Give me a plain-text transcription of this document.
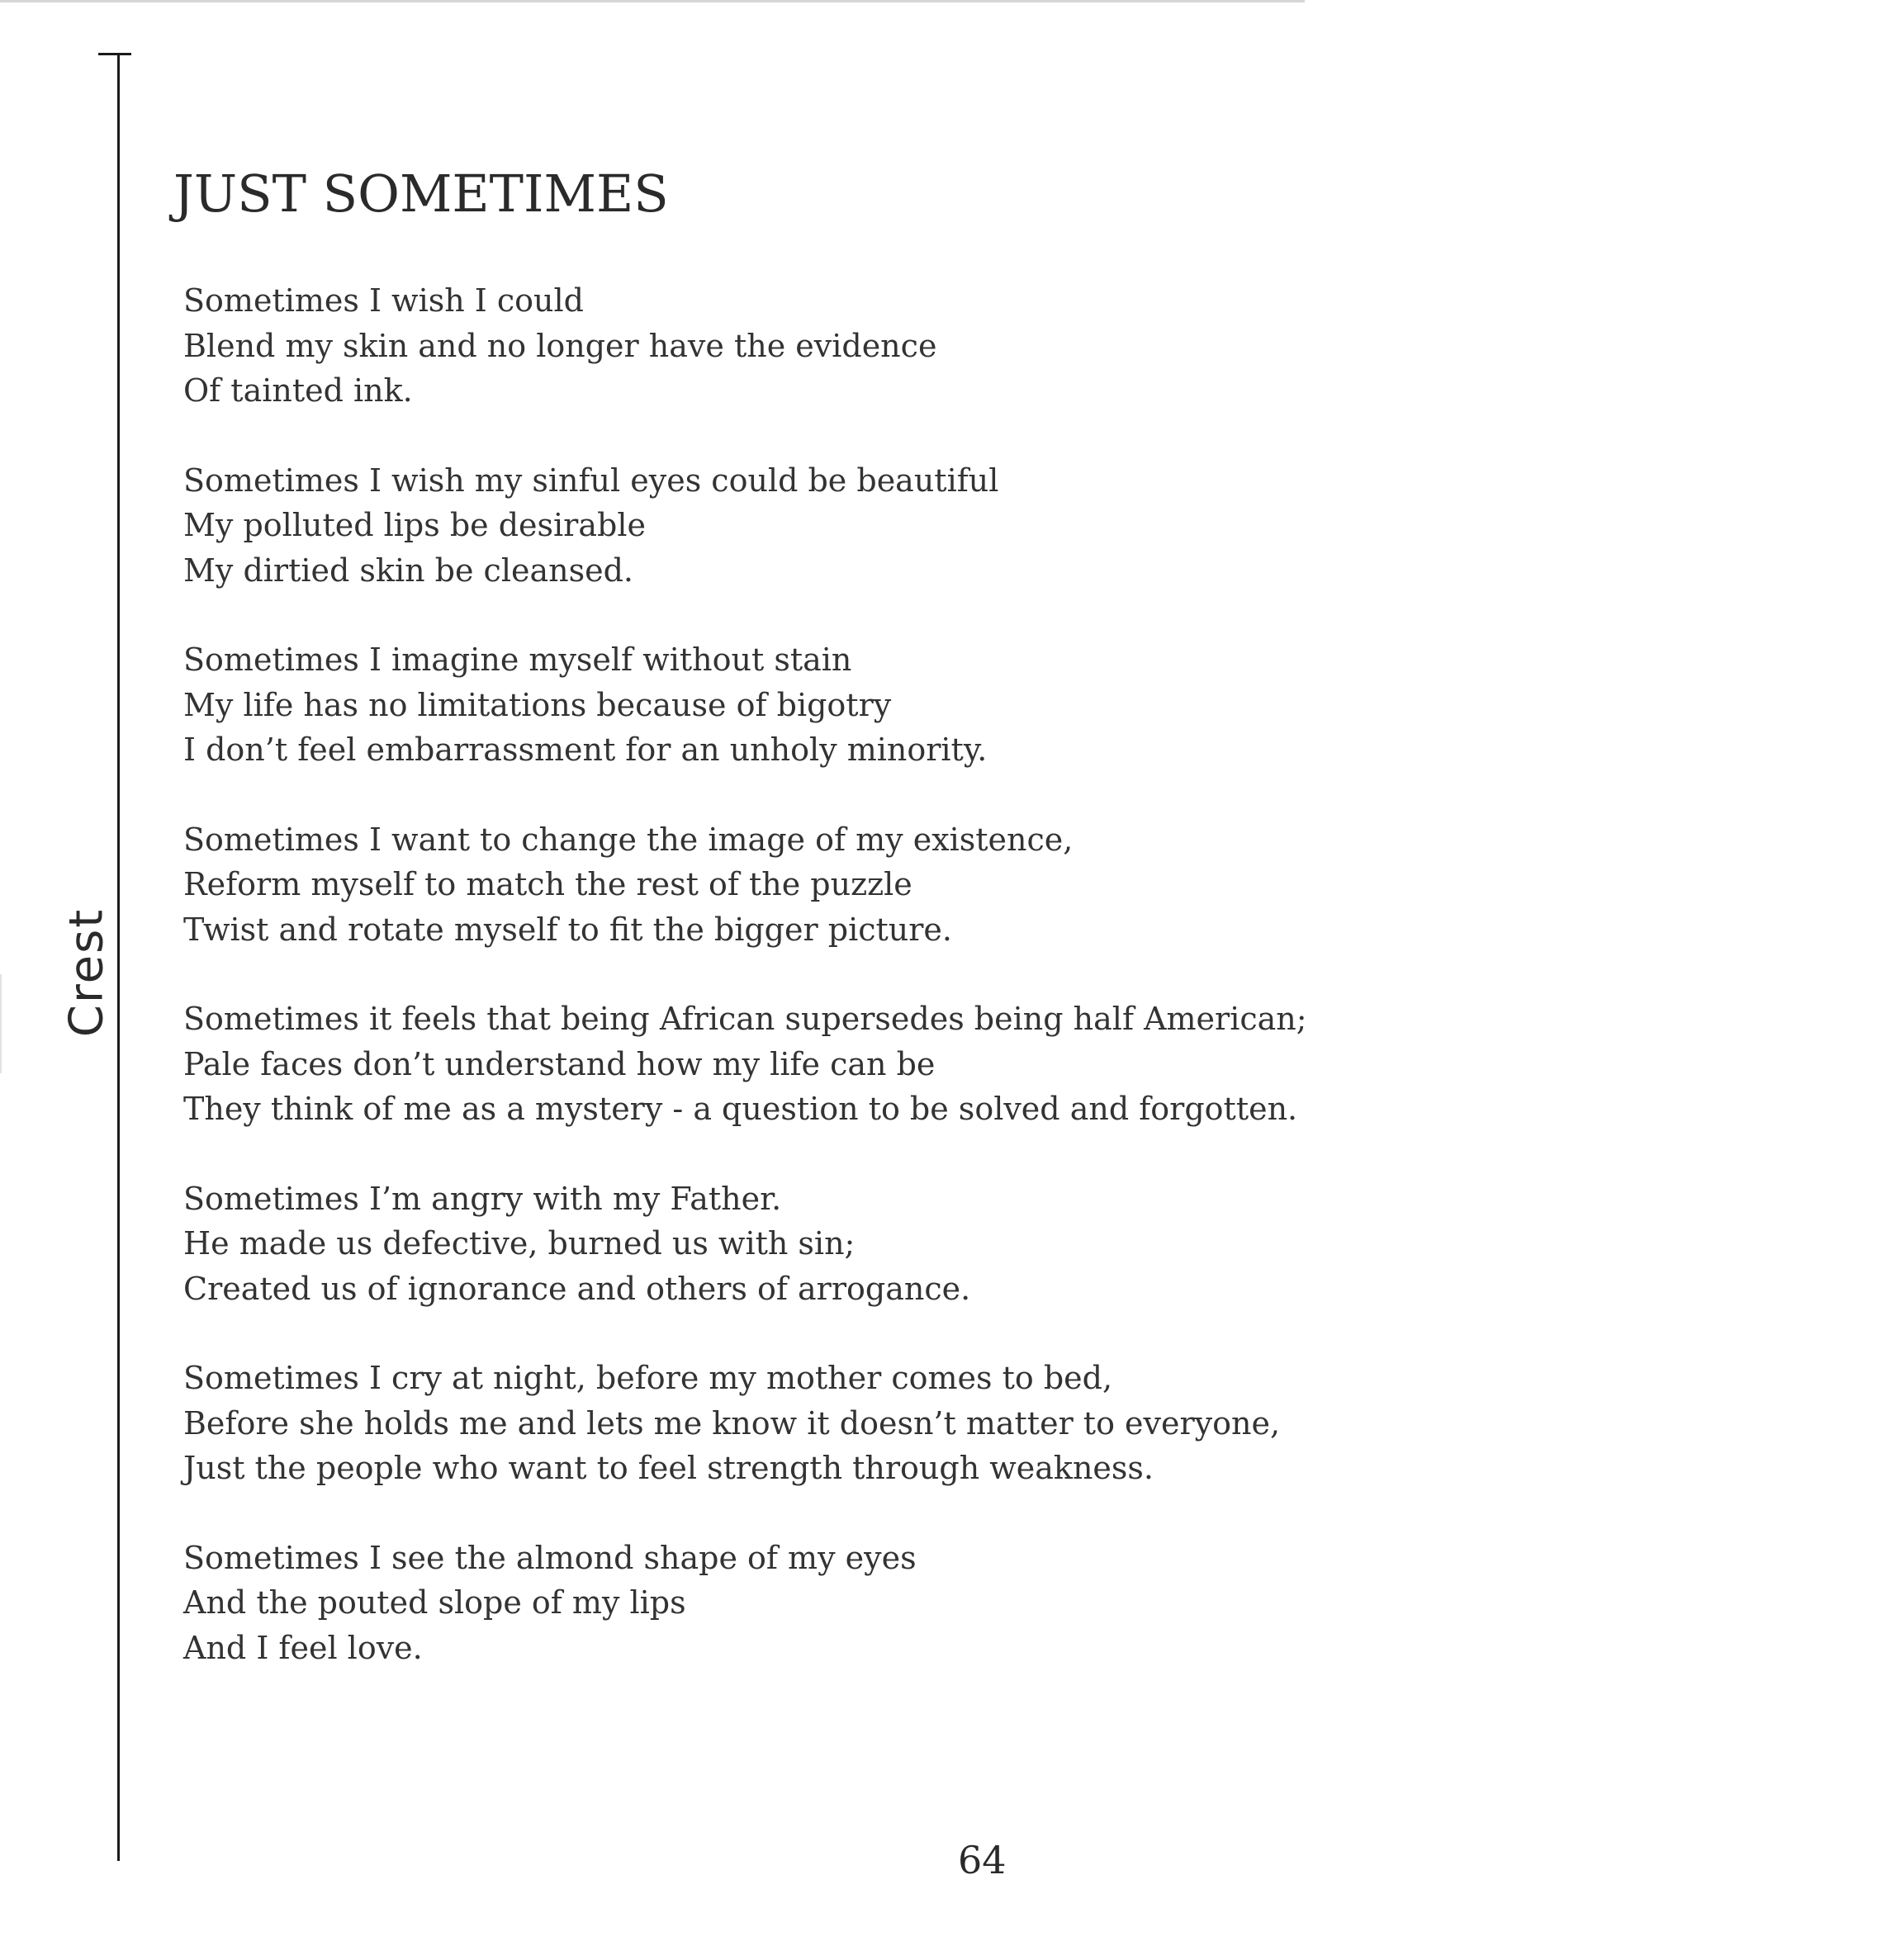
Crest
JUST SOMETIMES
Sometimes I wish I could
Blend my skin and no longer have the evidence
Of tainted ink.
Sometimes I wish my sinful eyes could be beautiful
My polluted lips be desirable
My dirtied skin be cleansed.
Sometimes I imagine myself without stain
My life has no limitations because of bigotry
I don’t feel embarrassment for an unholy minority.
Sometimes I want to change the image of my existence,
Reform myself to match the rest of the puzzle
Twist and rotate myself to fit the bigger picture.
Sometimes it feels that being African supersedes being half American;
Pale faces don’t understand how my life can be
They think of me as a mystery - a question to be solved and forgotten.
Sometimes I’m angry with my Father.
He made us defective, burned us with sin;
Created us of ignorance and others of arrogance.
Sometimes I cry at night, before my mother comes to bed,
Before she holds me and lets me know it doesn’t matter to everyone,
Just the people who want to feel strength through weakness.
Sometimes I see the almond shape of my eyes
And the pouted slope of my lips
And I feel love.
64
